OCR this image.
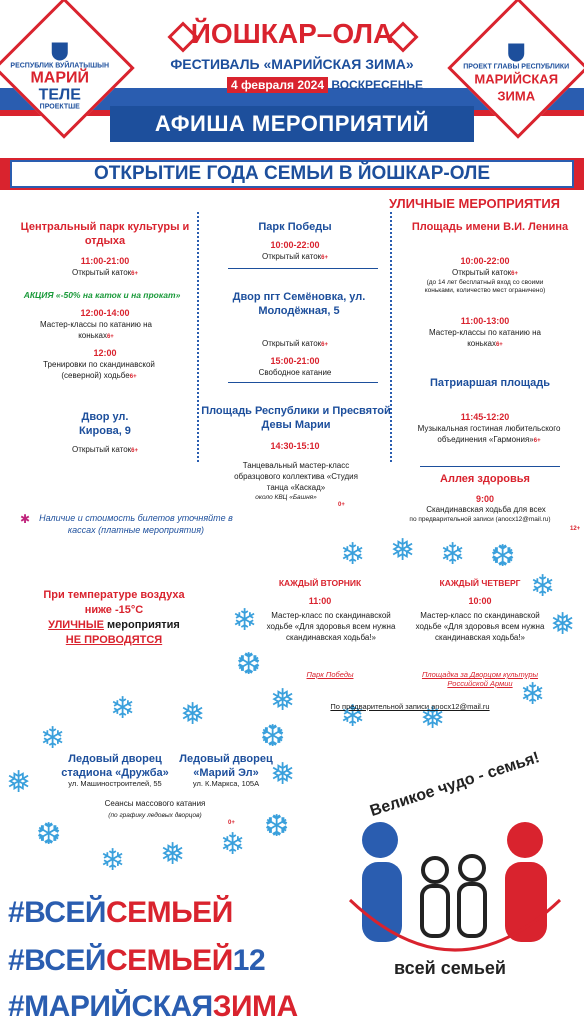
ЙОШКАР–ОЛА
ФЕСТИВАЛЬ «МАРИЙСКАЯ ЗИМА»
4 февраля 2024 ВОСКРЕСЕНЬЕ
РЕСПУБЛИК ВУЙЛАТЫШЫН
МАРИЙ
ТЕЛЕ
ПРОЕКТШЕ
ПРОЕКТ ГЛАВЫ РЕСПУБЛИКИ
МАРИЙСКАЯ
ЗИМА
АФИША МЕРОПРИЯТИЙ
ОТКРЫТИЕ ГОДА СЕМЬИ В ЙОШКАР-ОЛЕ
УЛИЧНЫЕ МЕРОПРИЯТИЯ
Центральный парк культуры и отдыха
11:00-21:00
Открытый каток6+
АКЦИЯ «-50% на каток и на прокат»
12:00-14:00
Мастер-классы по катанию на коньках6+
12:00
Тренировки по скандинавской (северной) ходьбе6+
Двор ул. Кирова, 9
Открытый каток6+
Парк Победы
10:00-22:00
Открытый каток6+
Двор пгт Семёновка, ул. Молодёжная, 5
Открытый каток6+
15:00-21:00
Свободное катание
Площадь Республики и Пресвятой Девы Марии
14:30-15:10
Танцевальный мастер-класс образцового коллектива «Студия танца «Каскад»
около КВЦ «Башня»
0+
Площадь имени В.И. Ленина
10:00-22:00
Открытый каток6+
(до 14 лет бесплатный вход со своими коньками, количество мест ограничено)
11:00-13:00
Мастер-классы по катанию на коньках6+
Патриаршая площадь
11:45-12:20
Музыкальная гостиная любительского объединения «Гармония»6+
Аллея здоровья
9:00
Скандинавская ходьба для всех
по предварительной записи (anocx12@mail.ru)
12+
✱	Наличие и стоимость билетов уточняйте в кассах (платные мероприятия)
При температуре воздуха
ниже -15°С
УЛИЧНЫЕ мероприятия
НЕ ПРОВОДЯТСЯ
❄ ❅ ❄ ❆
❄
❅
❄
❆
❅	❄
❄ ❅
❆
❄ ❅
❄
❅
❆
❄ ❅ ❄
❆
❅
КАЖДЫЙ ВТОРНИК
11:00
Мастер-класс по скандинавской ходьбе «Для здоровья всем нужна скандинавская ходьба!»
Парк Победы
КАЖДЫЙ ЧЕТВЕРГ
10:00
Мастер-класс по скандинавской ходьбе «Для здоровья всем нужна скандинавская ходьба!»
Площадка за Дворцом культуры Российской Армии
По предварительной записи anocx12@mail.ru
Ледовый дворец стадиона «Дружба»
ул. Машиностроителей, 55
Ледовый дворец «Марий Эл»
ул. К.Маркса, 105А
Сеансы массового катания
(по графику ледовых дворцов)
0+
Великое чудо - семья!
всей семьей
#ВСЕЙСЕМЬЕЙ
#ВСЕЙСЕМЬЕЙ12
#МАРИЙСКАЯЗИМА
